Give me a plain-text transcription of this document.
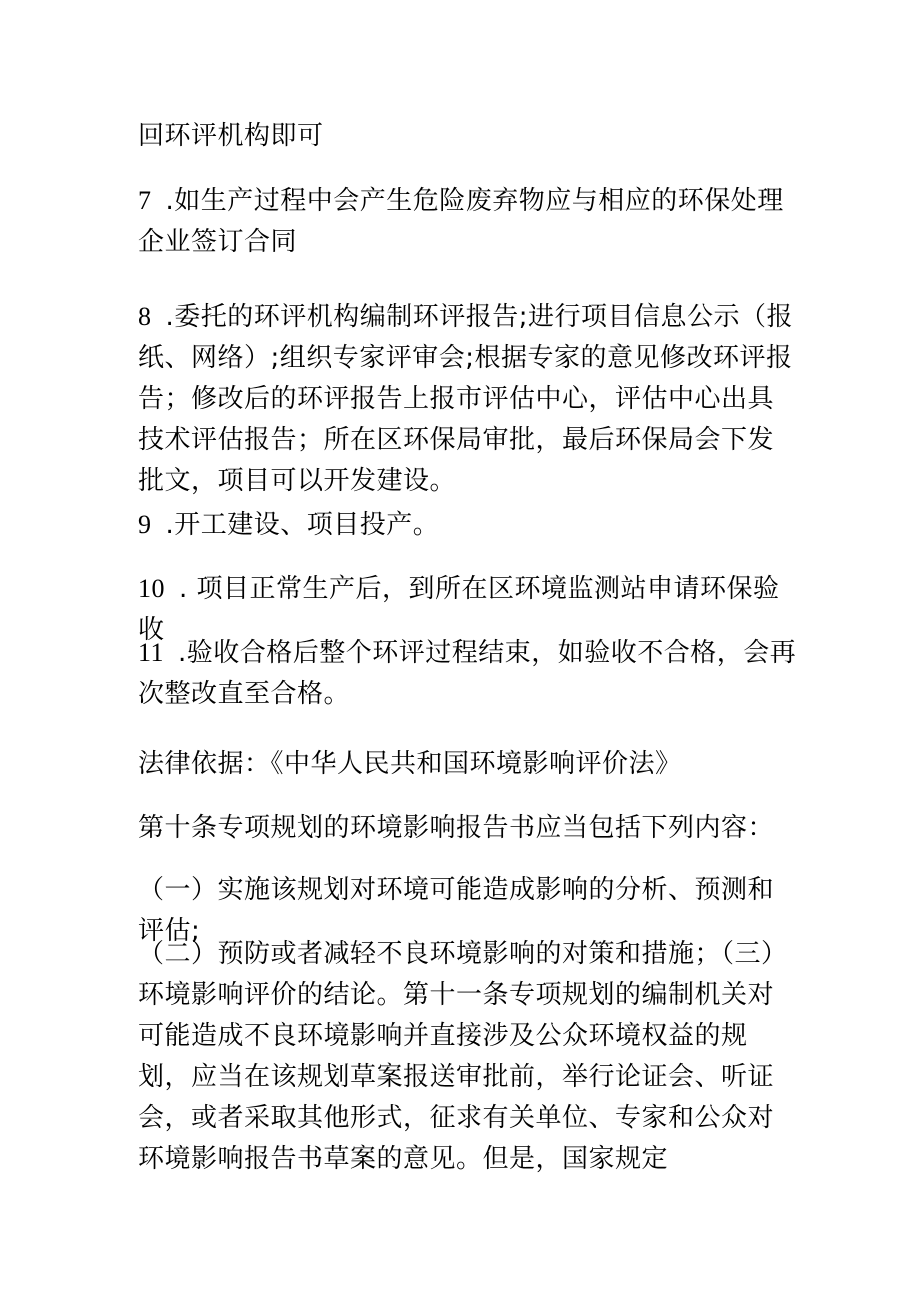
回环评机构即可

7 .如生产过程中会产生危险废弃物应与相应的环保处理企业签订合同

8 .委托的环评机构编制环评报告;进行项目信息公示（报纸、网络）;组织专家评审会;根据专家的意见修改环评报告；修改后的环评报告上报市评估中心，评估中心出具技术评估报告；所在区环保局审批，最后环保局会下发批文，项目可以开发建设。

9 .开工建设、项目投产。

10 . 项目正常生产后，到所在区环境监测站申请环保验收

11 .验收合格后整个环评过程结束，如验收不合格，会再次整改直至合格。

法律依据：《中华人民共和国环境影响评价法》

第十条专项规划的环境影响报告书应当包括下列内容：

（一）实施该规划对环境可能造成影响的分析、预测和评估;

（二）预防或者减轻不良环境影响的对策和措施；（三）环境影响评价的结论。第十一条专项规划的编制机关对可能造成不良环境影响并直接涉及公众环境权益的规划，应当在该规划草案报送审批前，举行论证会、听证会，或者采取其他形式，征求有关单位、专家和公众对环境影响报告书草案的意见。但是，国家规定
